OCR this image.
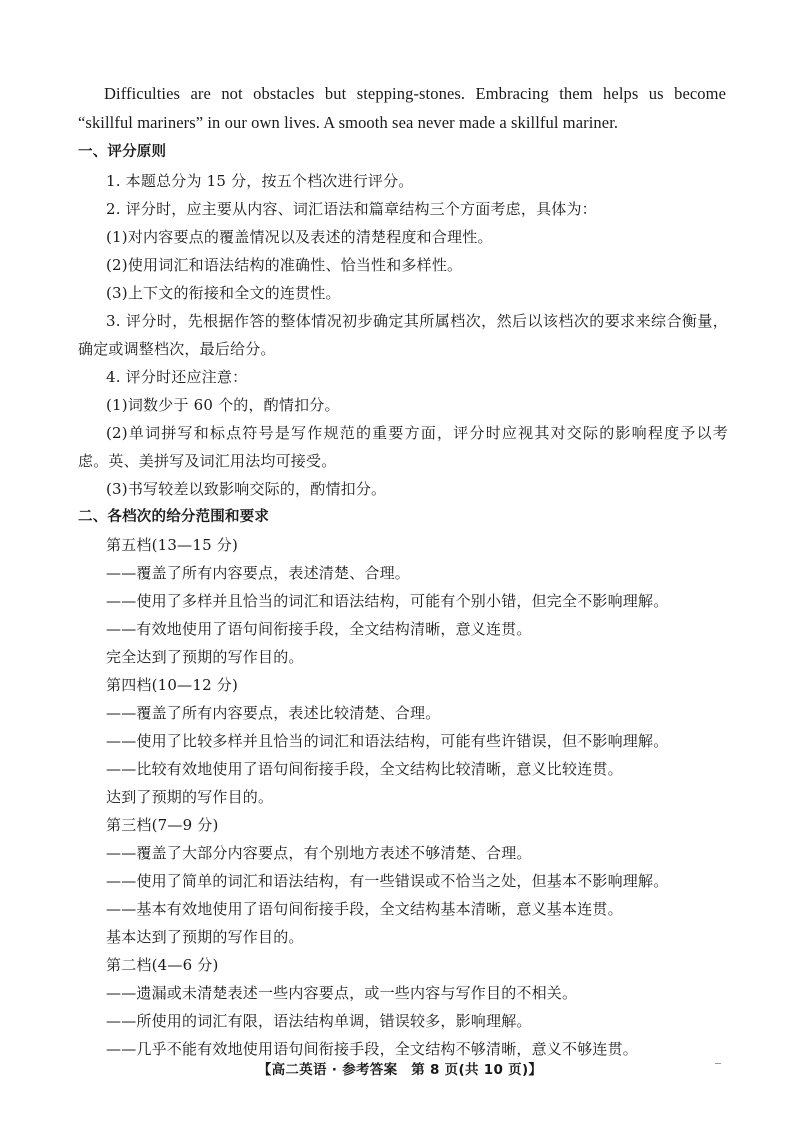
Difficulties are not obstacles but stepping-stones. Embracing them helps us become
“skillful mariners” in our own lives. A smooth sea never made a skillful mariner.
一、评分原则
1. 本题总分为 15 分，按五个档次进行评分。
2. 评分时，应主要从内容、词汇语法和篇章结构三个方面考虑，具体为：
(1)对内容要点的覆盖情况以及表述的清楚程度和合理性。
(2)使用词汇和语法结构的准确性、恰当性和多样性。
(3)上下文的衔接和全文的连贯性。
3. 评分时，先根据作答的整体情况初步确定其所属档次，然后以该档次的要求来综合衡量，
确定或调整档次，最后给分。
4. 评分时还应注意：
(1)词数少于 60 个的，酌情扣分。
(2)单词拼写和标点符号是写作规范的重要方面，评分时应视其对交际的影响程度予以考
虑。英、美拼写及词汇用法均可接受。
(3)书写较差以致影响交际的，酌情扣分。
二、各档次的给分范围和要求
第五档(13—15 分)
——覆盖了所有内容要点，表述清楚、合理。
——使用了多样并且恰当的词汇和语法结构，可能有个别小错，但完全不影响理解。
——有效地使用了语句间衔接手段，全文结构清晰，意义连贯。
完全达到了预期的写作目的。
第四档(10—12 分)
——覆盖了所有内容要点，表述比较清楚、合理。
——使用了比较多样并且恰当的词汇和语法结构，可能有些许错误，但不影响理解。
——比较有效地使用了语句间衔接手段，全文结构比较清晰，意义比较连贯。
达到了预期的写作目的。
第三档(7—9 分)
——覆盖了大部分内容要点，有个别地方表述不够清楚、合理。
——使用了简单的词汇和语法结构，有一些错误或不恰当之处，但基本不影响理解。
——基本有效地使用了语句间衔接手段，全文结构基本清晰，意义基本连贯。
基本达到了预期的写作目的。
第二档(4—6 分)
——遗漏或未清楚表述一些内容要点，或一些内容与写作目的不相关。
——所使用的词汇有限，语法结构单调，错误较多，影响理解。
——几乎不能有效地使用语句间衔接手段，全文结构不够清晰，意义不够连贯。
【高二英语 · 参考答案　第 8 页(共 10 页)】
